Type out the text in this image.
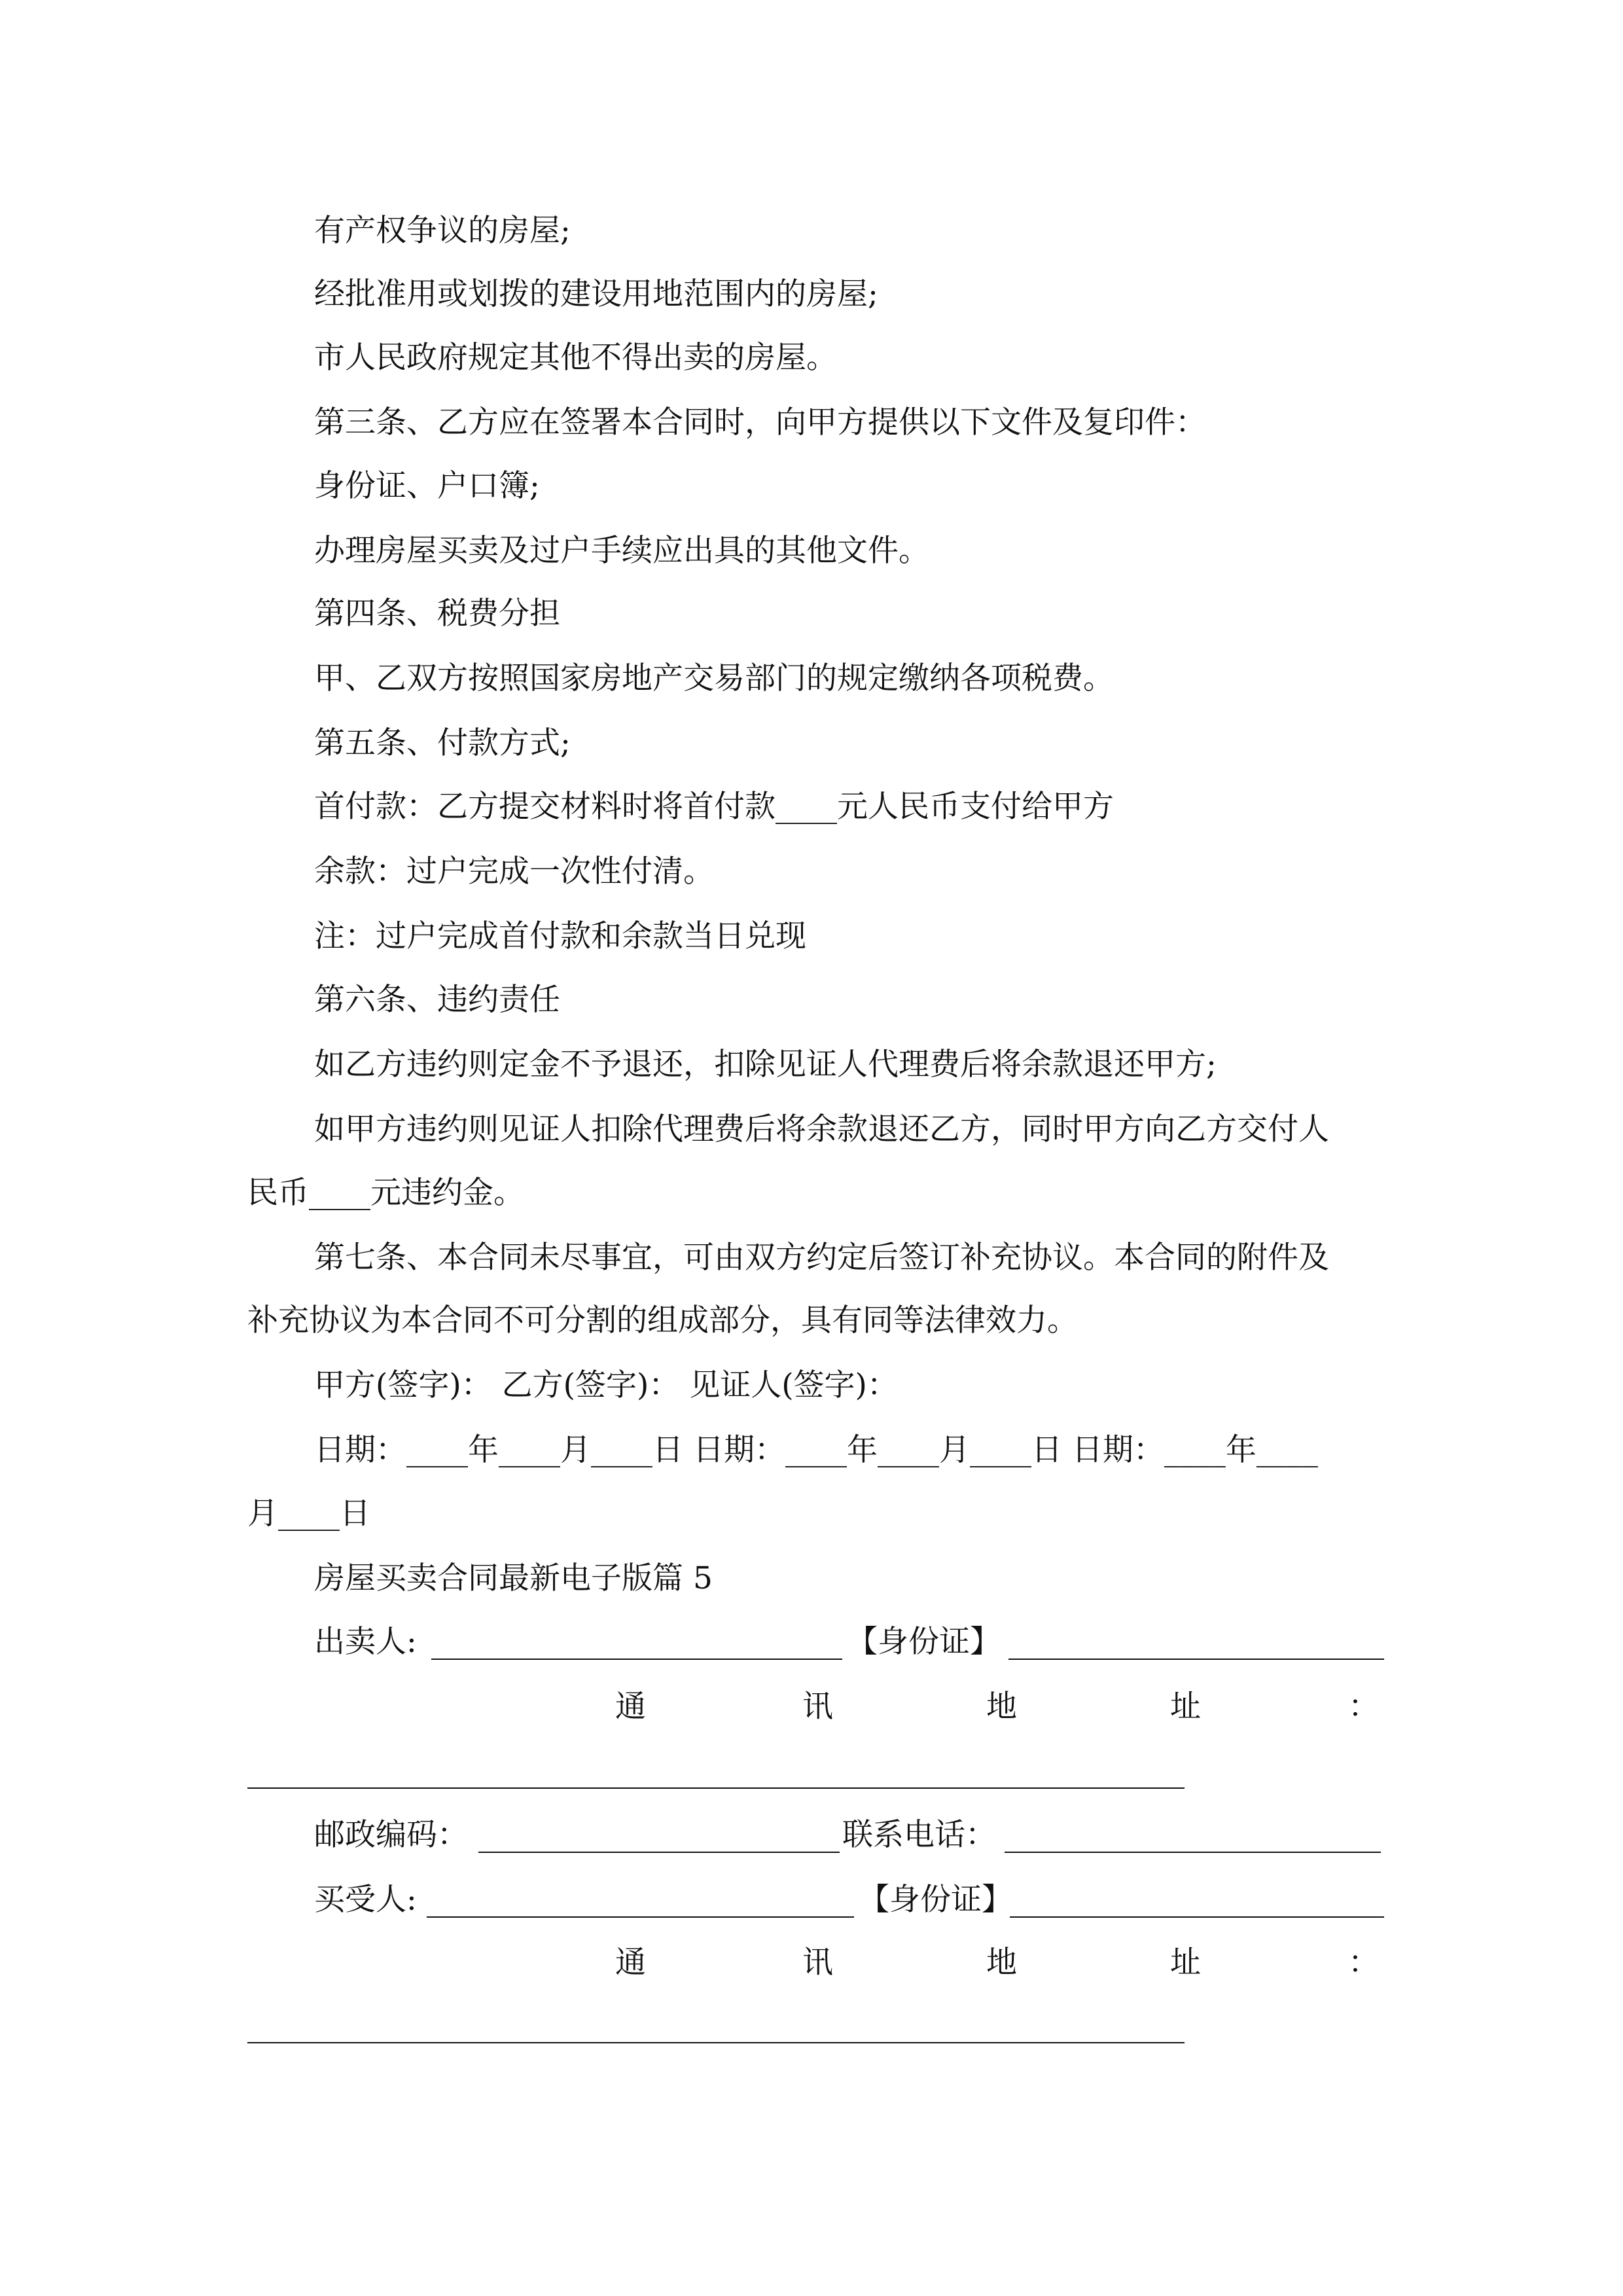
有产权争议的房屋;
经批准用或划拨的建设用地范围内的房屋;
市人民政府规定其他不得出卖的房屋。
第三条、乙方应在签署本合同时，向甲方提供以下文件及复印件：
身份证、户口簿;
办理房屋买卖及过户手续应出具的其他文件。
第四条、税费分担
甲、乙双方按照国家房地产交易部门的规定缴纳各项税费。
第五条、付款方式;
首付款：乙方提交材料时将首付款____元人民币支付给甲方
余款：过户完成一次性付清。
注：过户完成首付款和余款当日兑现
第六条、违约责任
如乙方违约则定金不予退还，扣除见证人代理费后将余款退还甲方;
如甲方违约则见证人扣除代理费后将余款退还乙方，同时甲方向乙方交付人
民币____元违约金。
第七条、本合同未尽事宜，可由双方约定后签订补充协议。本合同的附件及
补充协议为本合同不可分割的组成部分，具有同等法律效力。
甲方(签字)： 乙方(签字)： 见证人(签字)：
日期：____年____月____日 日期：____年____月____日 日期：____年____
月____日
房屋买卖合同最新电子版篇 5
出卖人:	【身份证】
通	讯	地	址	：
邮政编码：	联系电话：
买受人:	【身份证】
通	讯	地	址	：
